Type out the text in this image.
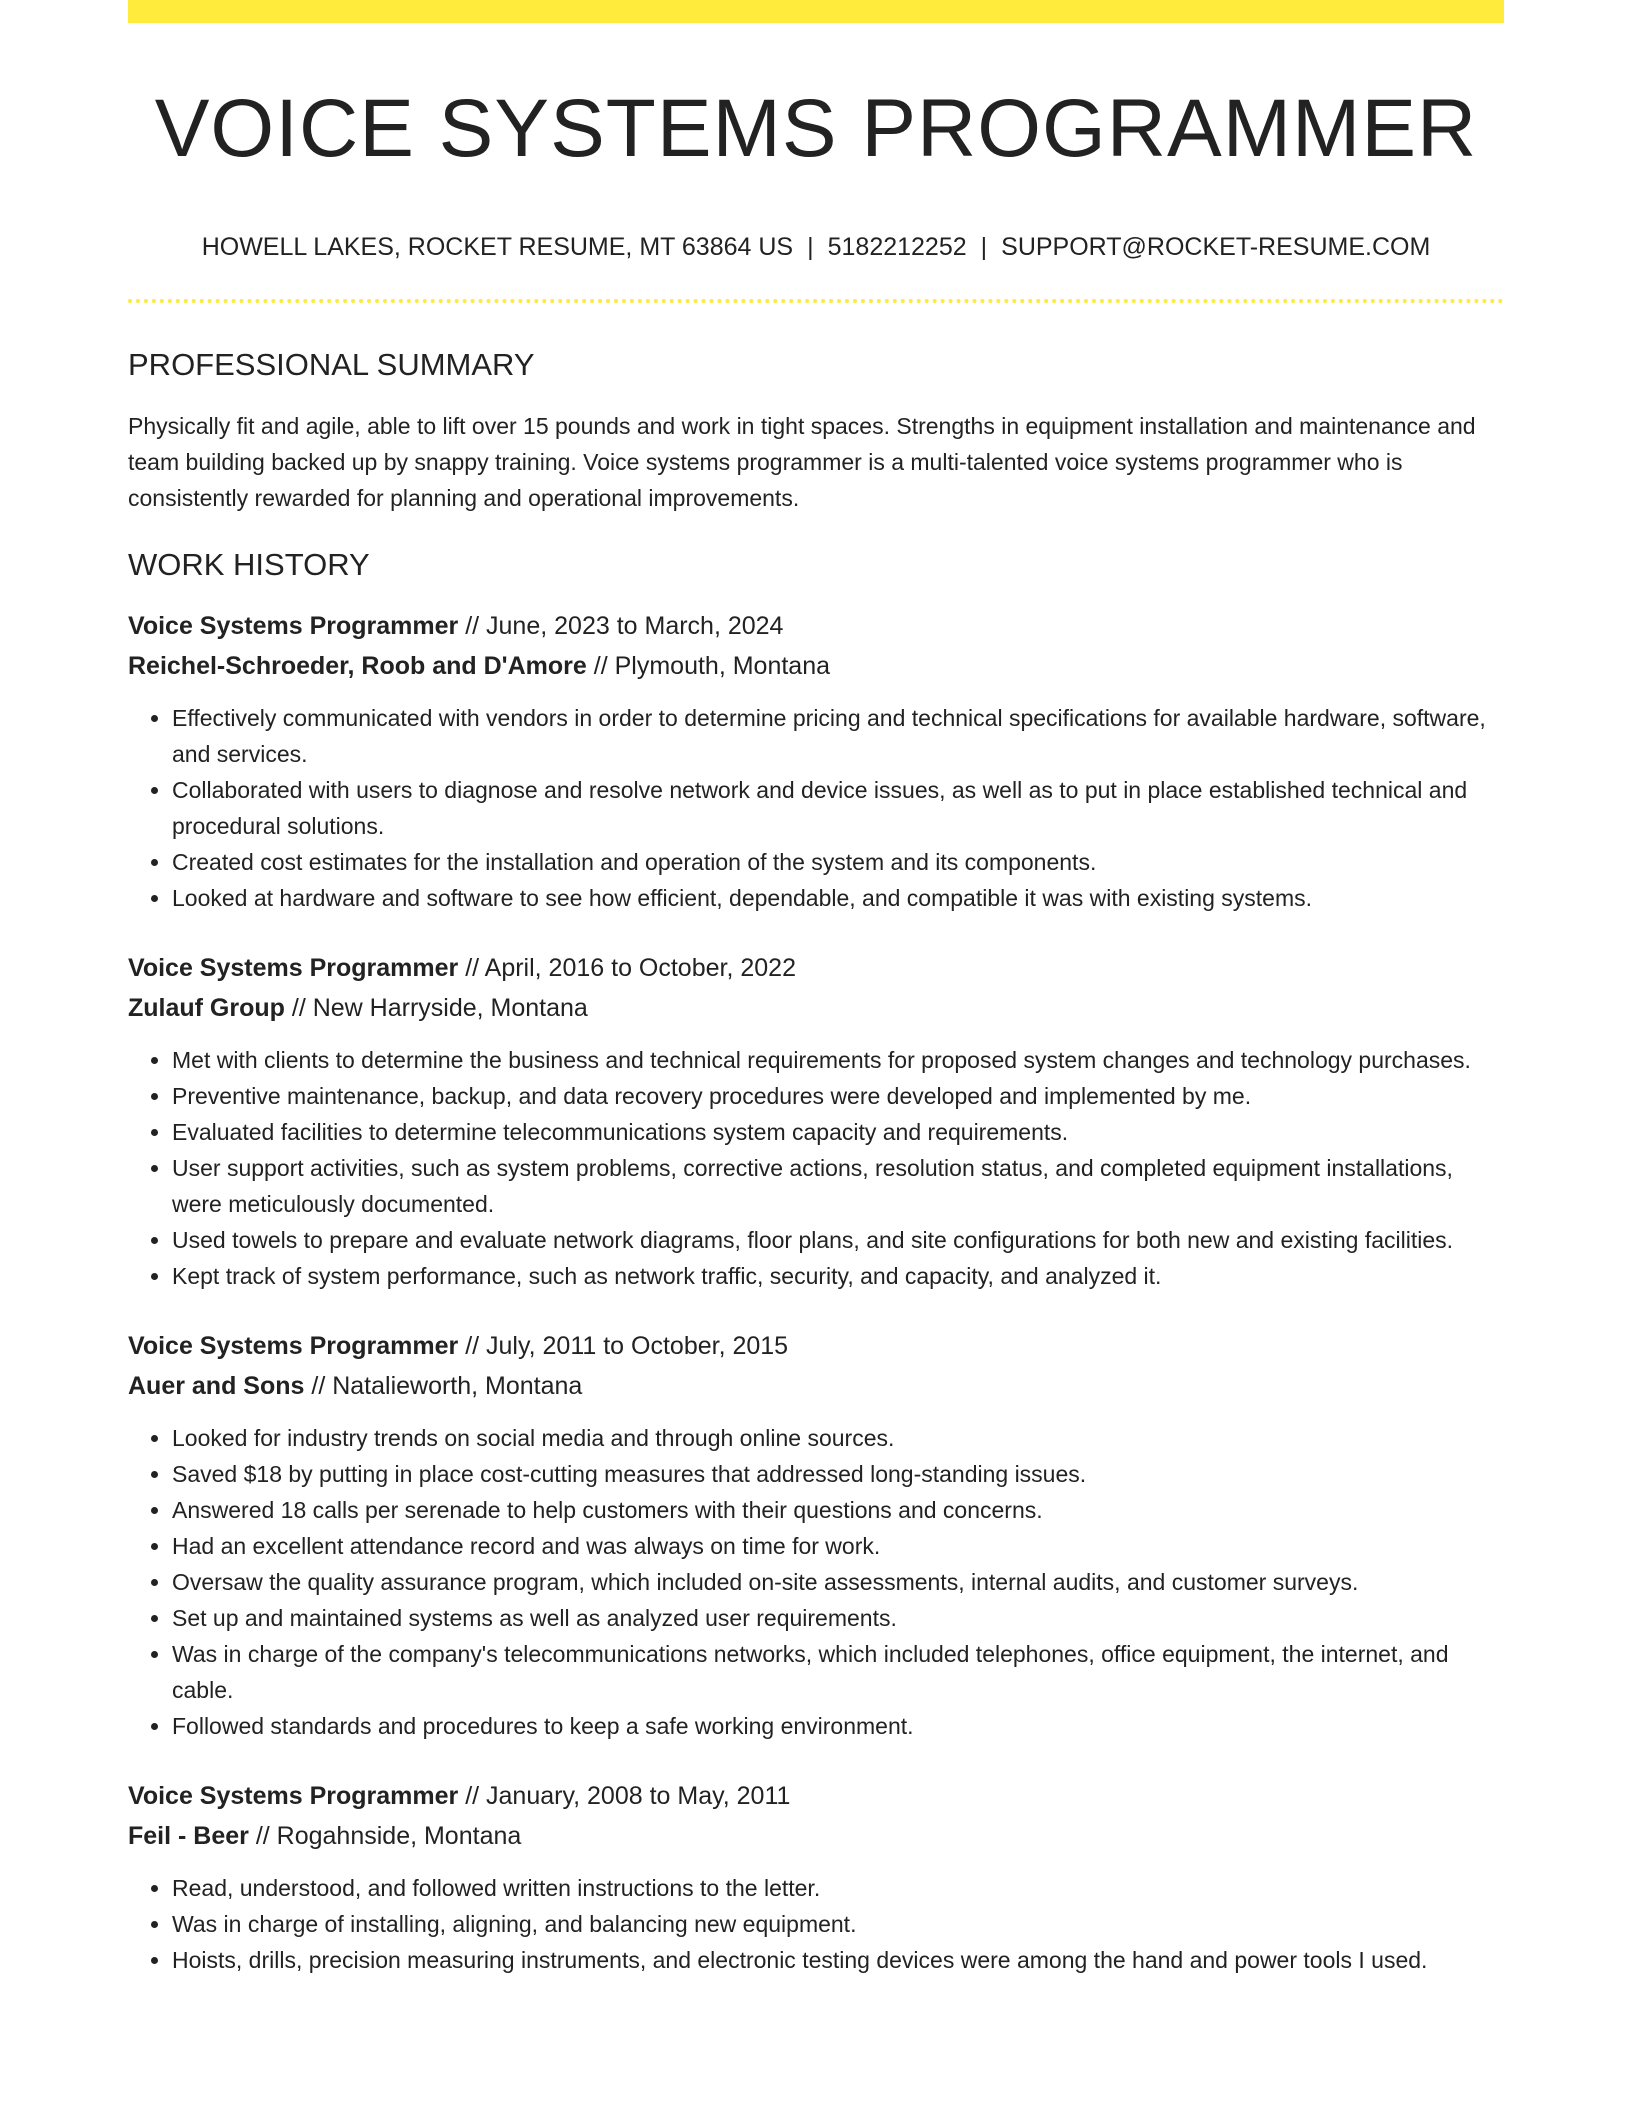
VOICE SYSTEMS PROGRAMMER
HOWELL LAKES, ROCKET RESUME, MT 63864 US | 5182212252 | SUPPORT@ROCKET-RESUME.COM
PROFESSIONAL SUMMARY

Physically fit and agile, able to lift over 15 pounds and work in tight spaces. Strengths in equipment installation and maintenance and team building backed up by snappy training. Voice systems programmer is a multi-talented voice systems programmer who is consistently rewarded for planning and operational improvements.

WORK HISTORY
Voice Systems Programmer // June, 2023 to March, 2024
Reichel-Schroeder, Roob and D'Amore // Plymouth, Montana
• Effectively communicated with vendors in order to determine pricing and technical specifications for available hardware, software, and services.
• Collaborated with users to diagnose and resolve network and device issues, as well as to put in place established technical and procedural solutions.
• Created cost estimates for the installation and operation of the system and its components.
• Looked at hardware and software to see how efficient, dependable, and compatible it was with existing systems.
Voice Systems Programmer // April, 2016 to October, 2022
Zulauf Group // New Harryside, Montana
• Met with clients to determine the business and technical requirements for proposed system changes and technology purchases.
• Preventive maintenance, backup, and data recovery procedures were developed and implemented by me.
• Evaluated facilities to determine telecommunications system capacity and requirements.
• User support activities, such as system problems, corrective actions, resolution status, and completed equipment installations, were meticulously documented.
• Used towels to prepare and evaluate network diagrams, floor plans, and site configurations for both new and existing facilities.
• Kept track of system performance, such as network traffic, security, and capacity, and analyzed it.
Voice Systems Programmer // July, 2011 to October, 2015
Auer and Sons // Natalieworth, Montana
• Looked for industry trends on social media and through online sources.
• Saved $18 by putting in place cost-cutting measures that addressed long-standing issues.
• Answered 18 calls per serenade to help customers with their questions and concerns.
• Had an excellent attendance record and was always on time for work.
• Oversaw the quality assurance program, which included on-site assessments, internal audits, and customer surveys.
• Set up and maintained systems as well as analyzed user requirements.
• Was in charge of the company's telecommunications networks, which included telephones, office equipment, the internet, and cable.
• Followed standards and procedures to keep a safe working environment.
Voice Systems Programmer // January, 2008 to May, 2011
Feil - Beer // Rogahnside, Montana
• Read, understood, and followed written instructions to the letter.
• Was in charge of installing, aligning, and balancing new equipment.
• Hoists, drills, precision measuring instruments, and electronic testing devices were among the hand and power tools I used.
